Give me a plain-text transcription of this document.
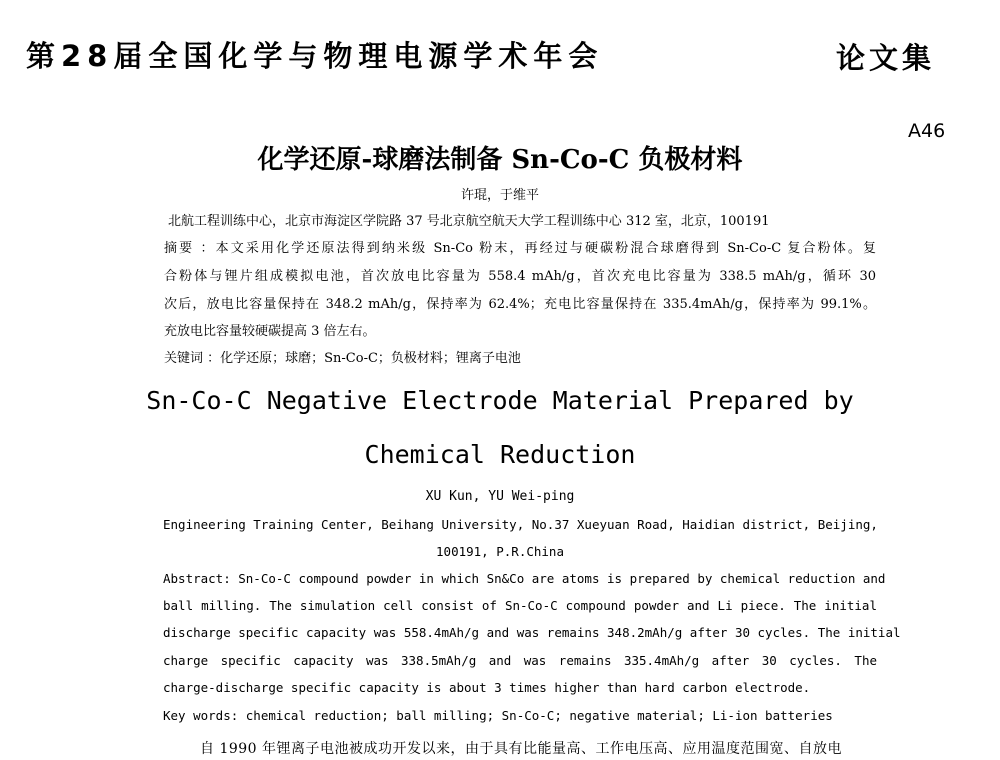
第28届全国化学与物理电源学术年会	论文集
A46
化学还原-球磨法制备 Sn-Co-C 负极材料
许琨，于维平
北航工程训练中心，北京市海淀区学院路 37 号北京航空航天大学工程训练中心 312 室，北京，100191
摘要 ：本文采用化学还原法得到纳米级 Sn-Co 粉末，再经过与硬碳粉混合球磨得到 Sn-Co-C 复合粉体。复
合粉体与锂片组成模拟电池，首次放电比容量为 558.4 mAh/g，首次充电比容量为 338.5 mAh/g，循环 30
次后，放电比容量保持在 348.2 mAh/g，保持率为 62.4%；充电比容量保持在 335.4mAh/g，保持率为 99.1%。
充放电比容量较硬碳提高 3 倍左右。
关键词 ：化学还原；球磨；Sn-Co-C；负极材料；锂离子电池
Sn-Co-C Negative Electrode Material Prepared by
Chemical Reduction
XU Kun, YU Wei-ping
Engineering Training Center, Beihang University, No.37 Xueyuan Road, Haidian district, Beijing,
100191, P.R.China
Abstract: Sn-Co-C compound powder in which Sn&Co are atoms is prepared by chemical reduction and
ball milling. The simulation cell consist of Sn-Co-C compound powder and Li piece. The initial
discharge specific capacity was 558.4mAh/g and was remains 348.2mAh/g after 30 cycles. The initial
charge specific capacity was 338.5mAh/g and was remains 335.4mAh/g after 30 cycles. The
charge-discharge specific capacity is about 3 times higher than hard carbon electrode.
Key words: chemical reduction; ball milling; Sn-Co-C; negative material; Li-ion batteries
自 1990 年锂离子电池被成功开发以来，由于具有比能量高、工作电压高、应用温度范围宽、自放电
